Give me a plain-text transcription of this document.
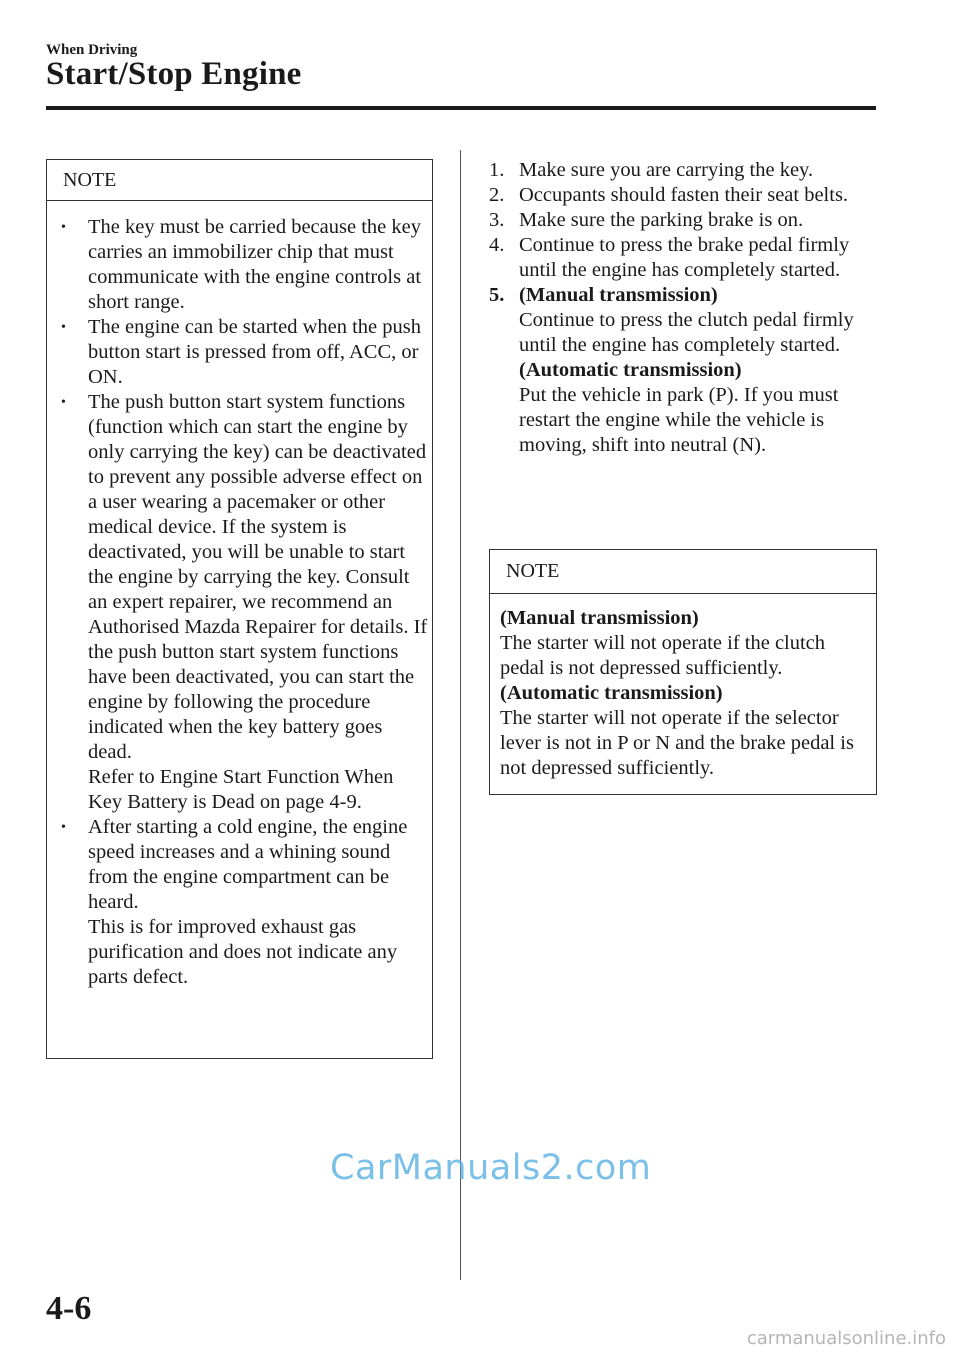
When Driving
Start/Stop Engine
NOTE
•	The key must be carried because the key carries an immobilizer chip that must communicate with the engine controls at short range.
•	The engine can be started when the push button start is pressed from off, ACC, or ON.
•	The push button start system functions (function which can start the engine by only carrying the key) can be deactivated to prevent any possible adverse effect on a user wearing a pacemaker or other medical device. If the system is deactivated, you will be unable to start the engine by carrying the key. Consult an expert repairer, we recommend an Authorised Mazda Repairer for details. If the push button start system functions have been deactivated, you can start the engine by following the procedure indicated when the key battery goes dead.
Refer to Engine Start Function When Key Battery is Dead on page 4-9.
•	After starting a cold engine, the engine speed increases and a whining sound from the engine compartment can be heard.
This is for improved exhaust gas purification and does not indicate any parts defect.
1. Make sure you are carrying the key.
2. Occupants should fasten their seat belts.
3. Make sure the parking brake is on.
4. Continue to press the brake pedal firmly until the engine has completely started.
5. (Manual transmission)
Continue to press the clutch pedal firmly until the engine has completely started.
(Automatic transmission)
Put the vehicle in park (P). If you must restart the engine while the vehicle is moving, shift into neutral (N).
NOTE
(Manual transmission)
The starter will not operate if the clutch pedal is not depressed sufficiently.
(Automatic transmission)
The starter will not operate if the selector lever is not in P or N and the brake pedal is not depressed sufficiently.
CarManuals2.com
4-6
carmanualsonline.info
